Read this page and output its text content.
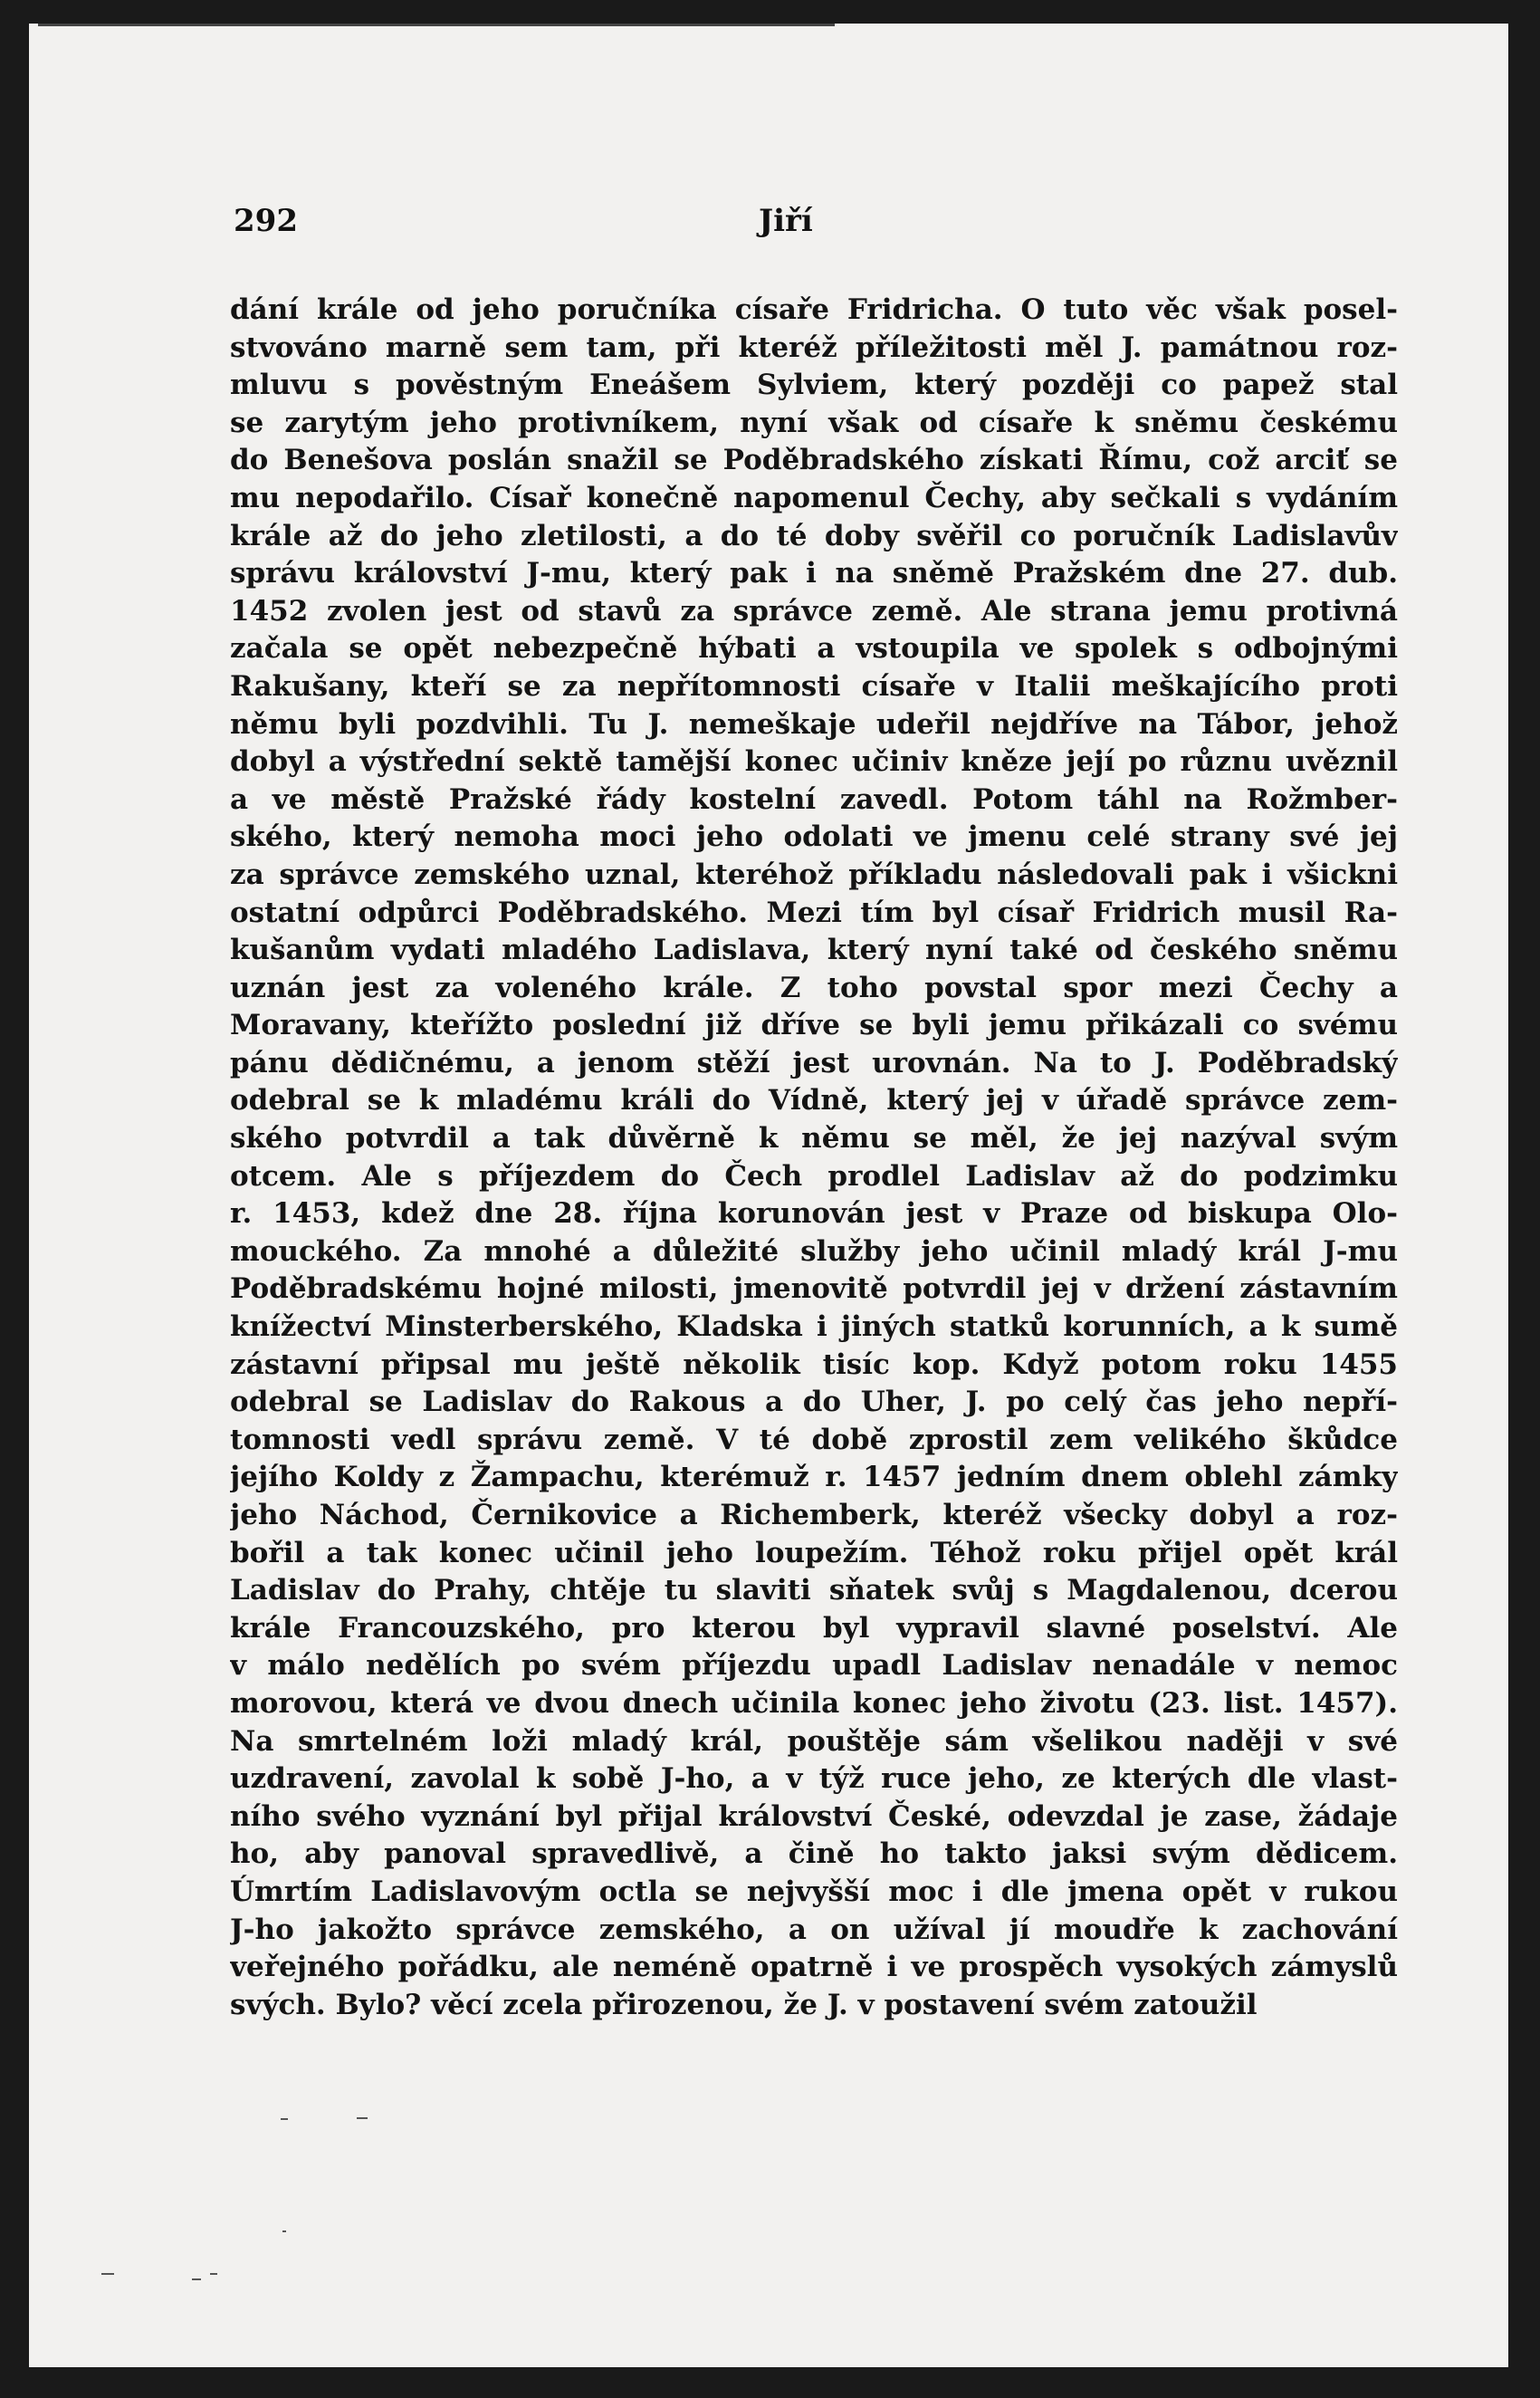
292	Jiří
dání krále od jeho poručníka císaře Fridricha. O tuto věc však posel-
stvováno marně sem tam, při kteréž příležitosti měl J. památnou roz-
mluvu s pověstným Eneášem Sylviem, který později co papež stal
se zarytým jeho protivníkem, nyní však od císaře k sněmu českému
do Benešova poslán snažil se Poděbradského získati Římu, což arciť se
mu nepodařilo. Císař konečně napomenul Čechy, aby sečkali s vydáním
krále až do jeho zletilosti, a do té doby svěřil co poručník Ladislavův
správu království J-mu, který pak i na sněmě Pražském dne 27. dub.
1452 zvolen jest od stavů za správce země. Ale strana jemu protivná
začala se opět nebezpečně hýbati a vstoupila ve spolek s odbojnými
Rakušany, kteří se za nepřítomnosti císaře v Italii meškajícího proti
němu byli pozdvihli. Tu J. nemeškaje udeřil nejdříve na Tábor, jehož
dobyl a výstřední sektě tamější konec učiniv kněze její po různu uvěznil
a ve městě Pražské řády kostelní zavedl. Potom táhl na Rožmber-
ského, který nemoha moci jeho odolati ve jmenu celé strany své jej
za správce zemského uznal, kteréhož příkladu následovali pak i všickni
ostatní odpůrci Poděbradského. Mezi tím byl císař Fridrich musil Ra-
kušanům vydati mladého Ladislava, který nyní také od českého sněmu
uznán jest za voleného krále. Z toho povstal spor mezi Čechy a
Moravany, kteřížto poslední již dříve se byli jemu přikázali co svému
pánu dědičnému, a jenom stěží jest urovnán. Na to J. Poděbradský
odebral se k mladému králi do Vídně, který jej v úřadě správce zem-
ského potvrdil a tak důvěrně k němu se měl, že jej nazýval svým
otcem. Ale s příjezdem do Čech prodlel Ladislav až do podzimku
r. 1453, kdež dne 28. října korunován jest v Praze od biskupa Olo-
mouckého. Za mnohé a důležité služby jeho učinil mladý král J-mu
Poděbradskému hojné milosti, jmenovitě potvrdil jej v držení zástavním
knížectví Minsterberského, Kladska i jiných statků korunních, a k sumě
zástavní připsal mu ještě několik tisíc kop. Když potom roku 1455
odebral se Ladislav do Rakous a do Uher, J. po celý čas jeho nepří-
tomnosti vedl správu země. V té době zprostil zem velikého škůdce
jejího Koldy z Žampachu, kterémuž r. 1457 jedním dnem oblehl zámky
jeho Náchod, Černikovice a Richemberk, kteréž všecky dobyl a roz-
bořil a tak konec učinil jeho loupežím. Téhož roku přijel opět král
Ladislav do Prahy, chtěje tu slaviti sňatek svůj s Magdalenou, dcerou
krále Francouzského, pro kterou byl vypravil slavné poselství. Ale
v málo nedělích po svém příjezdu upadl Ladislav nenadále v nemoc
morovou, která ve dvou dnech učinila konec jeho životu (23. list. 1457).
Na smrtelném loži mladý král, pouštěje sám všelikou naději v své
uzdravení, zavolal k sobě J-ho, a v týž ruce jeho, ze kterých dle vlast-
ního svého vyznání byl přijal království České, odevzdal je zase, žádaje
ho, aby panoval spravedlivě, a čině ho takto jaksi svým dědicem.
Úmrtím Ladislavovým octla se nejvyšší moc i dle jmena opět v rukou
J-ho jakožto správce zemského, a on užíval jí moudře k zachování
veřejného pořádku, ale neméně opatrně i ve prospěch vysokých zámyslů
svých. Bylo? věcí zcela přirozenou, že J. v postavení svém zatoužil
